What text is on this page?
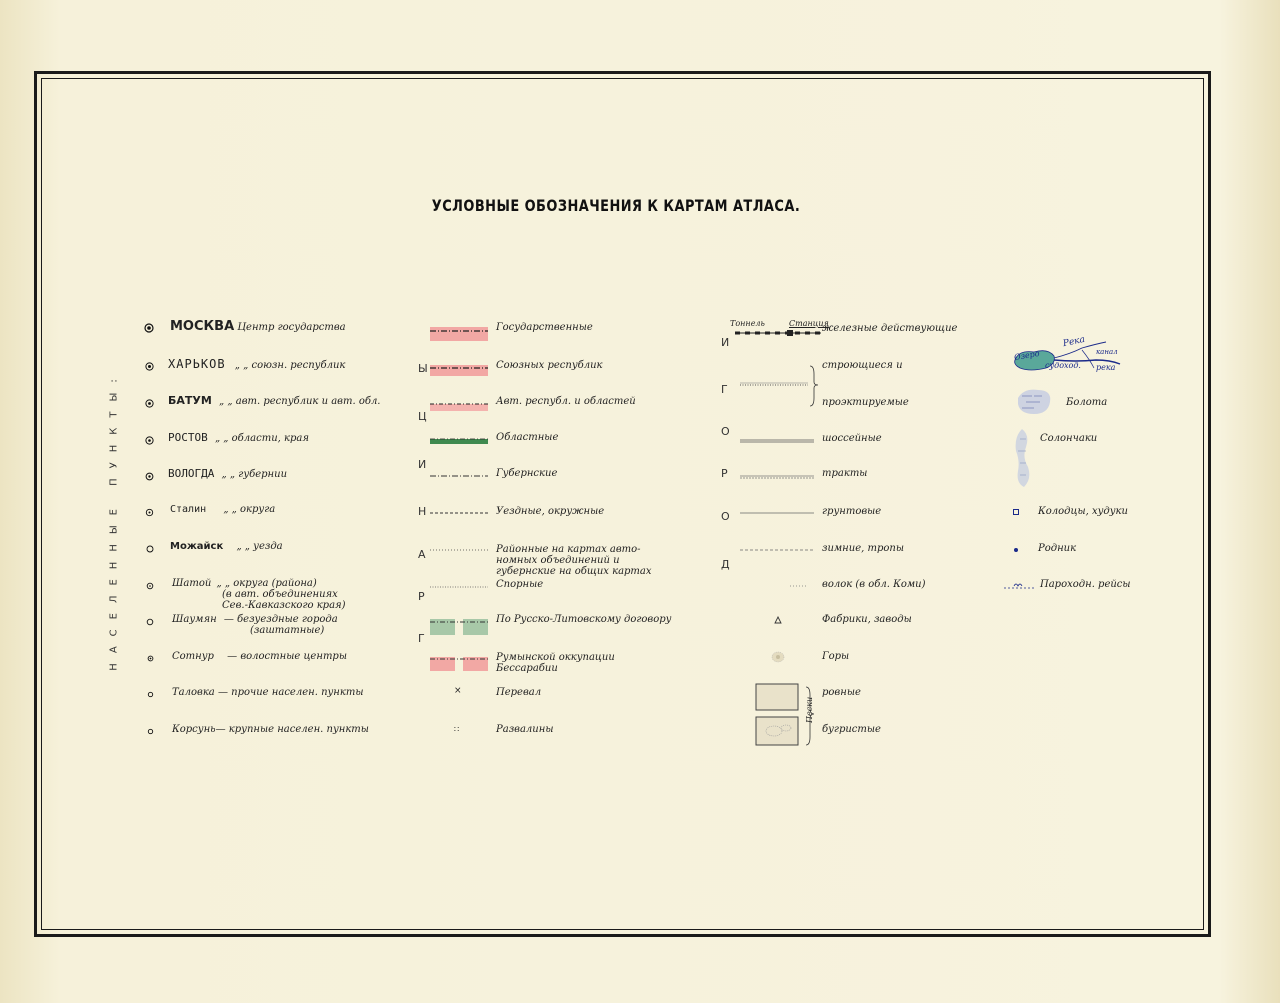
УСЛОВНЫЕ ОБОЗНАЧЕНИЯ К КАРТАМ АТЛАСА.
НАСЕЛЕННЫЕ ПУНКТЫ:	Г
Р
А
Н
И
Ц
Ы
Д
О
Р
О
Г
И
МОСКВА Центр государства
ХАРЬКОВ „ „ союзн. республик
БАТУМ „ „ авт. республик и авт. обл.
РОСТОВ „ „ области, края
ВОЛОГДА „ „ губернии
Сталин „ „ округа
Можайск „ „ уезда
Шатой „ „ округа (района)
(в авт. объединениях
Сев.-Кавказского края)
Шаумян — безуездные города
(заштатные)
Сотнур — волостные центры
Таловка — прочие населен. пункты
Корсунь— крупные населен. пункты
Государственные
Союзных республик
Авт. республ. и областей
Областные
Губернские
Уездные, окружные
Районные на картах авто-
номных объединений и
губернские на общих картах
Спорные
По Русско-Литовскому договору
Румынской оккупации
Бессарабии
×	Перевал
∷	Развалины
Тоннель	Станция
железные действующие
строющиеся и
проэктируемые
шоссейные
тракты
грунтовые
зимние, тропы
волок (в обл. Коми)
Фабрики, заводы
Горы
Пески
ровные
бугристые
Озеро
Река
канал
судоход. река
Болота
Солончаки
Колодцы, худуки
Родник
Пароходн. рейсы
